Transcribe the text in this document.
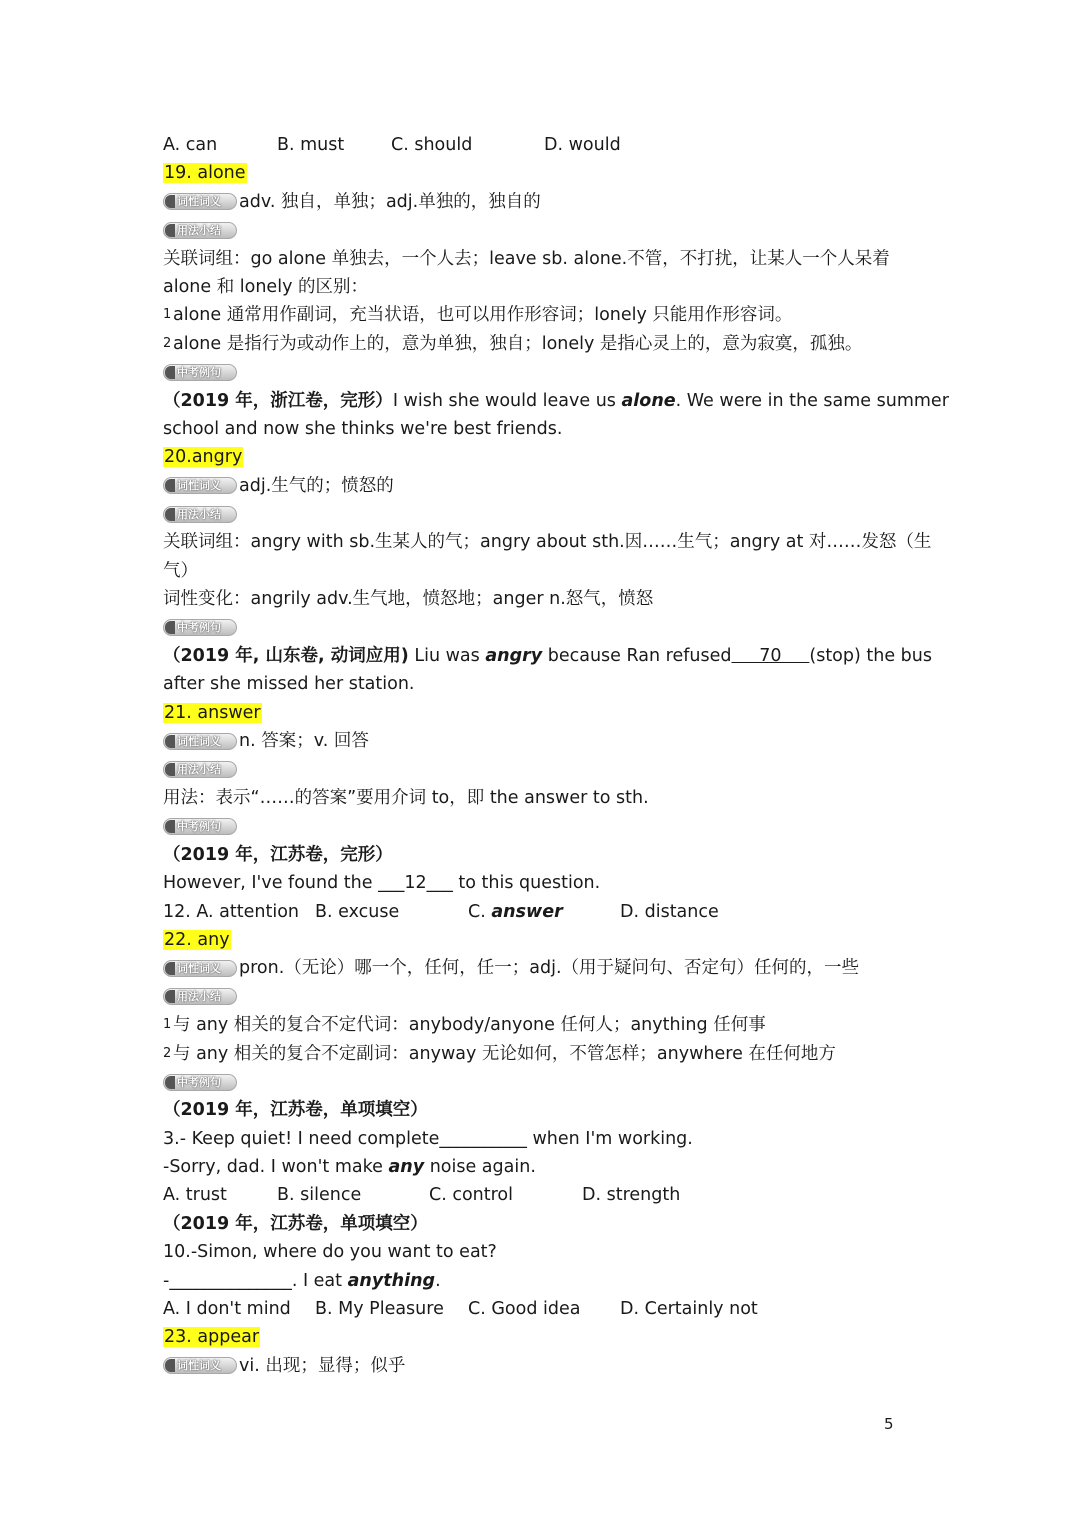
A. can	B. must	C. should	D. would
19. alone
词性词义 adv. 独自，单独；adj.单独的，独自的
用法小结
关联词组：go alone 单独去，一个人去；leave sb. alone.不管，不打扰，让某人一个人呆着
alone 和 lonely 的区别：
1alone 通常用作副词，充当状语，也可以用作形容词；lonely 只能用作形容词。
2alone 是指行为或动作上的，意为单独，独自；lonely 是指心灵上的，意为寂寞，孤独。
中考例句
（2019 年，浙江卷，完形）I wish she would leave us alone. We were in the same summer
school and now she thinks we're best friends.
20.angry
词性词义 adj.生气的；愤怒的
用法小结
关联词组：angry with sb.生某人的气；angry about sth.因……生气；angry at 对……发怒（生
气）
词性变化：angrily adv.生气地，愤怒地；anger n.怒气，愤怒
中考例句
（2019 年, 山东卷, 动词应用) Liu was angry because Ran refused     70     (stop) the bus
after she missed her station.
21. answer
词性词义 n. 答案；v. 回答
用法小结
用法：表示“……的答案”要用介词 to，即 the answer to sth.
中考例句
（2019 年，江苏卷，完形）
However, I've found the ___12___ to this question.
12. A. attention B. excuse	C. answer	D. distance
22. any
词性词义 pron.（无论）哪一个，任何，任一；adj.（用于疑问句、否定句）任何的，一些
用法小结
1与 any 相关的复合不定代词：anybody/anyone 任何人；anything 任何事
2与 any 相关的复合不定副词：anyway 无论如何，不管怎样；anywhere 在任何地方
中考例句
（2019 年，江苏卷，单项填空）
3.- Keep quiet! I need complete__________ when I'm working.
-Sorry, dad. I won't make any noise again.
A. trust	B. silence	C. control	D. strength
（2019 年，江苏卷，单项填空）
10.-Simon, where do you want to eat?
-______________. I eat anything.
A. I don't mind B. My Pleasure C. Good idea D. Certainly not
23. appear
词性词义 vi. 出现；显得；似乎
5
